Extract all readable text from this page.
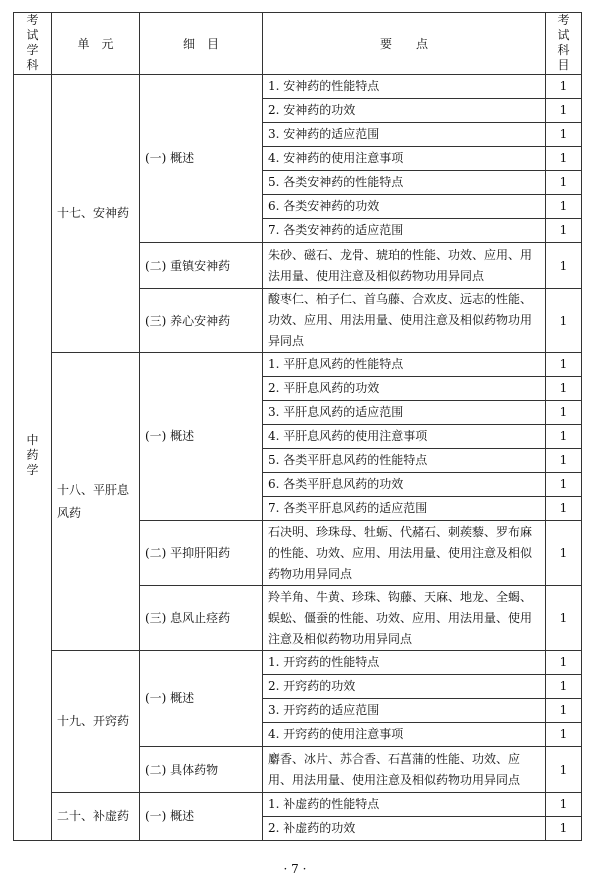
考试学科	单　元	细　目	要　　点	考试科目
中药学	十七、安神药	(一) 概述	1. 安神药的性能特点	1
			2. 安神药的功效	1
			3. 安神药的适应范围	1
			4. 安神药的使用注意事项	1
			5. 各类安神药的性能特点	1
			6. 各类安神药的功效	1
			7. 各类安神药的适应范围	1
		(二) 重镇安神药	朱砂、磁石、龙骨、琥珀的性能、功效、应用、用法用量、使用注意及相似药物功用异同点	1
		(三) 养心安神药	酸枣仁、柏子仁、首乌藤、合欢皮、远志的性能、功效、应用、用法用量、使用注意及相似药物功用异同点	1
	十八、平肝息风药	(一) 概述	1. 平肝息风药的性能特点	1
			2. 平肝息风药的功效	1
			3. 平肝息风药的适应范围	1
			4. 平肝息风药的使用注意事项	1
			5. 各类平肝息风药的性能特点	1
			6. 各类平肝息风药的功效	1
			7. 各类平肝息风药的适应范围	1
		(二) 平抑肝阳药	石决明、珍珠母、牡蛎、代赭石、刺蒺藜、罗布麻的性能、功效、应用、用法用量、使用注意及相似药物功用异同点	1
		(三) 息风止痉药	羚羊角、牛黄、珍珠、钩藤、天麻、地龙、全蝎、蜈蚣、僵蚕的性能、功效、应用、用法用量、使用注意及相似药物功用异同点	1
	十九、开窍药	(一) 概述	1. 开窍药的性能特点	1
			2. 开窍药的功效	1
			3. 开窍药的适应范围	1
			4. 开窍药的使用注意事项	1
		(二) 具体药物	麝香、冰片、苏合香、石菖蒲的性能、功效、应用、用法用量、使用注意及相似药物功用异同点	1
	二十、补虚药	(一) 概述	1. 补虚药的性能特点	1
			2. 补虚药的功效	1
· 7 ·
